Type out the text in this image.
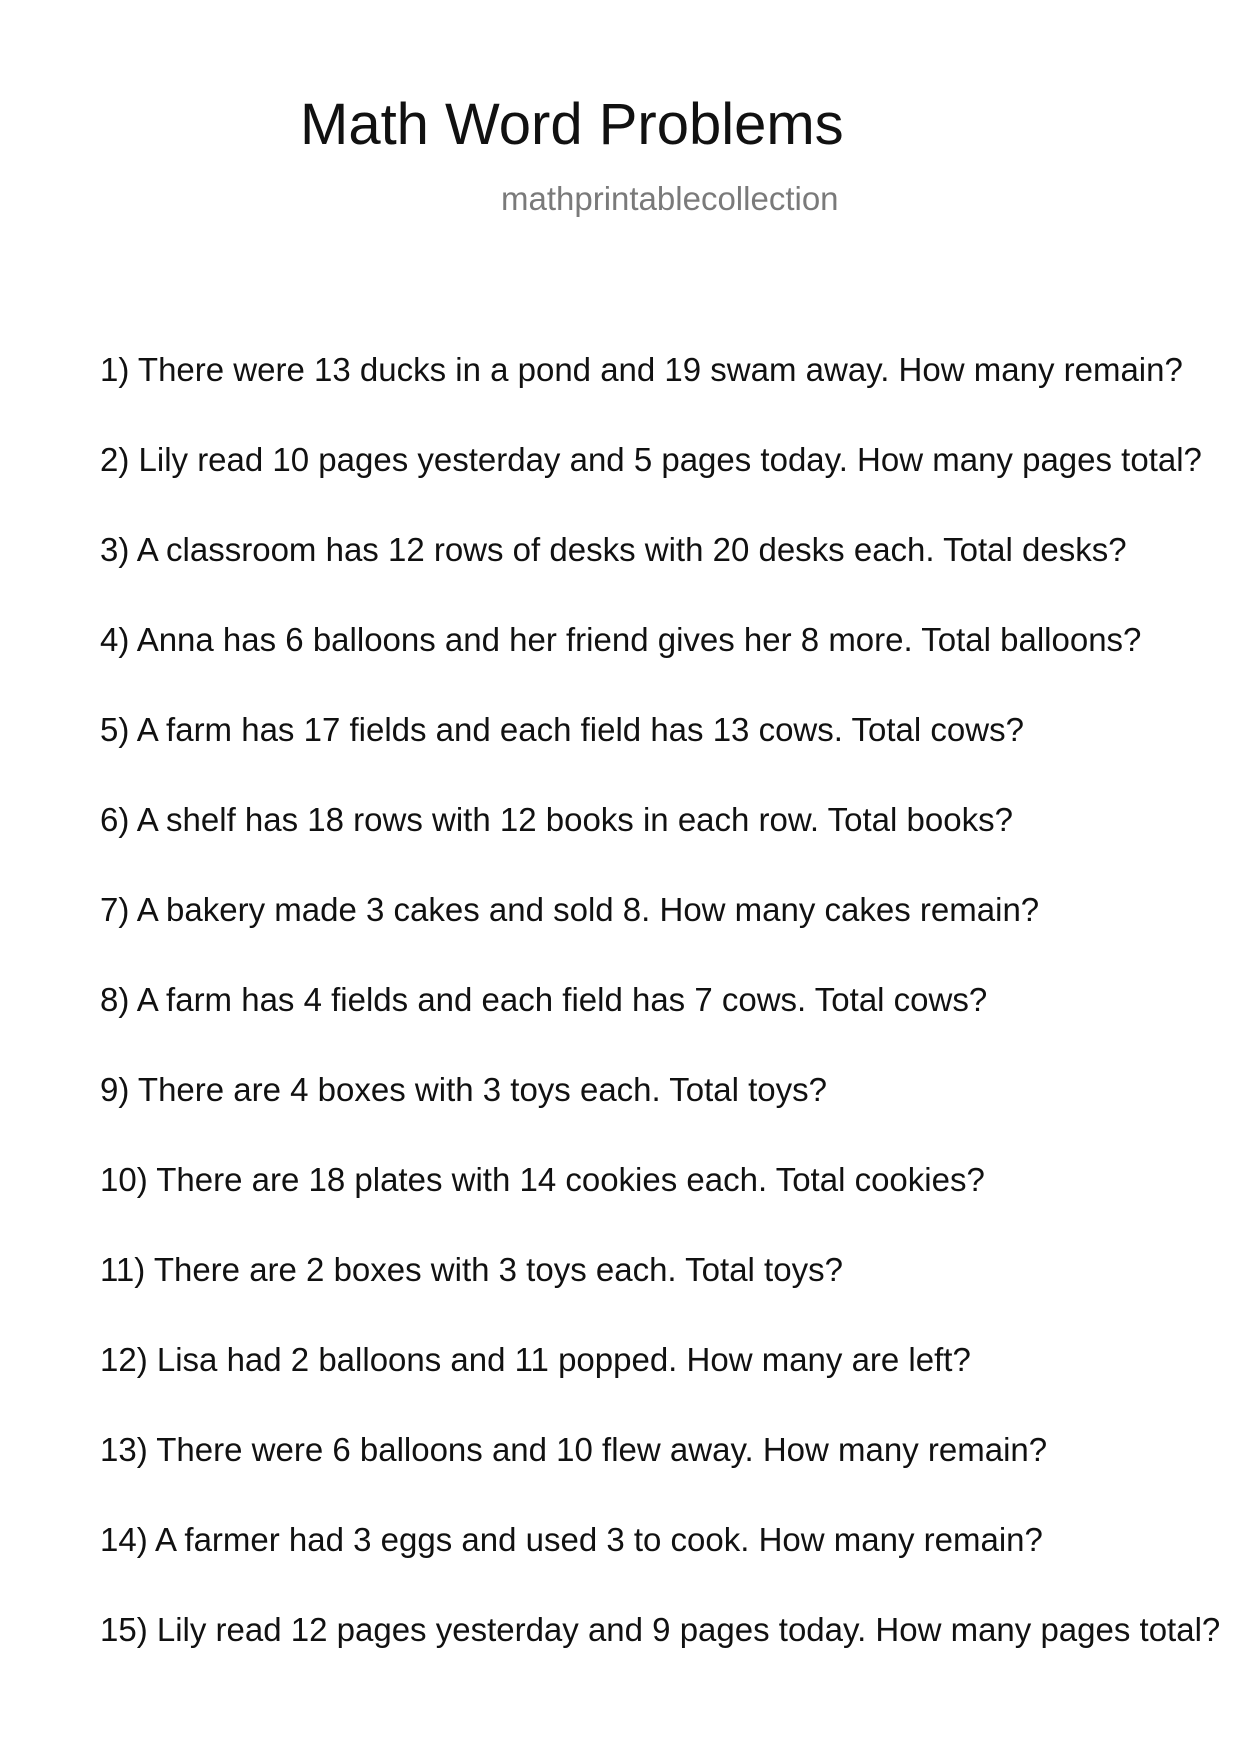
Math Word Problems
mathprintablecollection
1) There were 13 ducks in a pond and 19 swam away. How many remain?
2) Lily read 10 pages yesterday and 5 pages today. How many pages total?
3) A classroom has 12 rows of desks with 20 desks each. Total desks?
4) Anna has 6 balloons and her friend gives her 8 more. Total balloons?
5) A farm has 17 fields and each field has 13 cows. Total cows?
6) A shelf has 18 rows with 12 books in each row. Total books?
7) A bakery made 3 cakes and sold 8. How many cakes remain?
8) A farm has 4 fields and each field has 7 cows. Total cows?
9) There are 4 boxes with 3 toys each. Total toys?
10) There are 18 plates with 14 cookies each. Total cookies?
11) There are 2 boxes with 3 toys each. Total toys?
12) Lisa had 2 balloons and 11 popped. How many are left?
13) There were 6 balloons and 10 flew away. How many remain?
14) A farmer had 3 eggs and used 3 to cook. How many remain?
15) Lily read 12 pages yesterday and 9 pages today. How many pages total?
